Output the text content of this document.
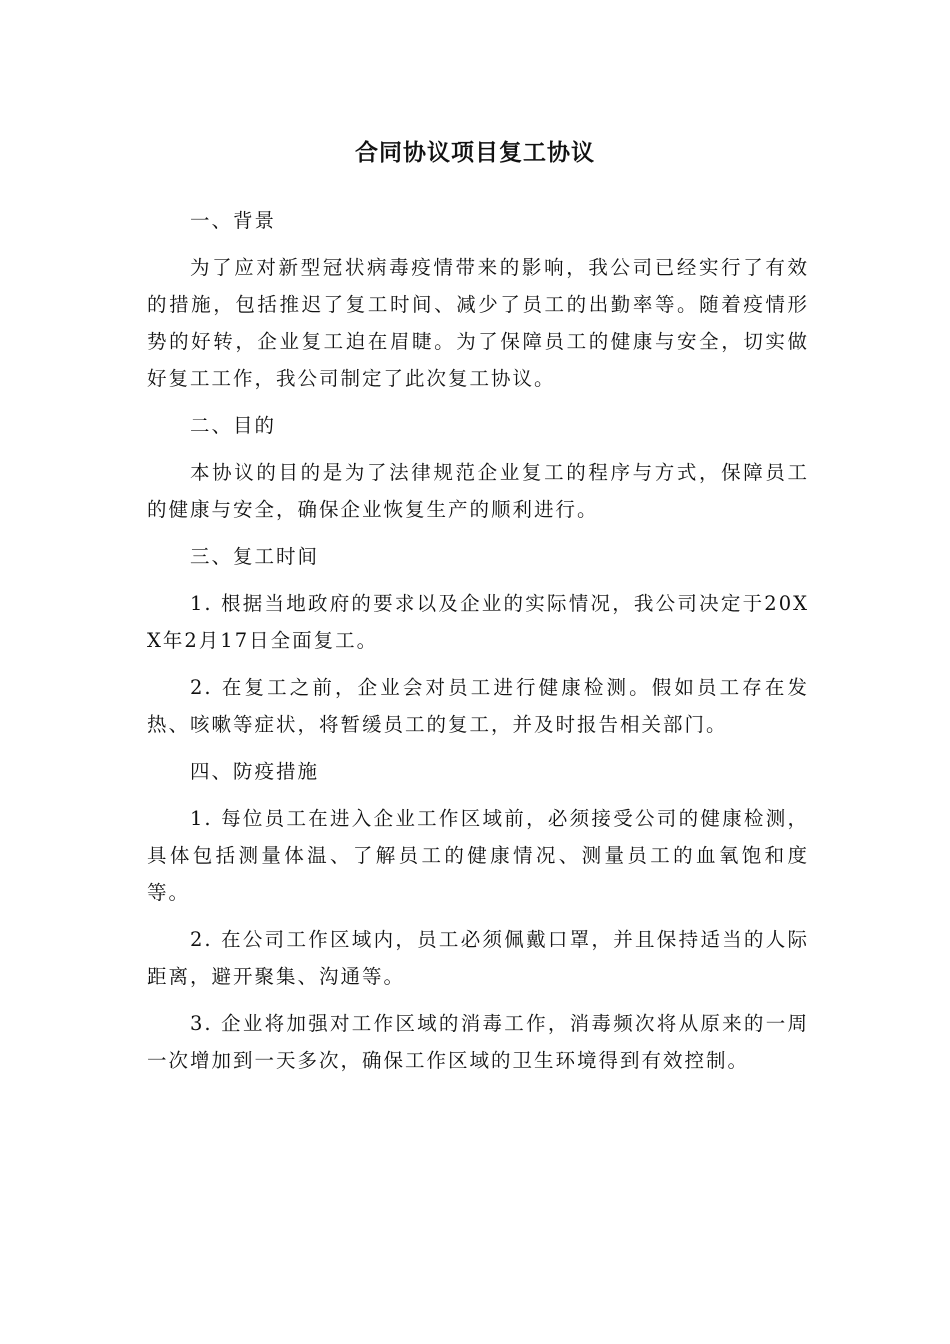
合同协议项目复工协议

一、背景

为了应对新型冠状病毒疫情带来的影响，我公司已经实行了有效的措施，包括推迟了复工时间、减少了员工的出勤率等。随着疫情形势的好转，企业复工迫在眉睫。为了保障员工的健康与安全，切实做好复工工作，我公司制定了此次复工协议。

二、目的

本协议的目的是为了法律规范企业复工的程序与方式，保障员工的健康与安全，确保企业恢复生产的顺利进行。

三、复工时间

1. 根据当地政府的要求以及企业的实际情况，我公司决定于20XX年2月17日全面复工。

2. 在复工之前，企业会对员工进行健康检测。假如员工存在发热、咳嗽等症状，将暂缓员工的复工，并及时报告相关部门。

四、防疫措施

1. 每位员工在进入企业工作区域前，必须接受公司的健康检测，具体包括测量体温、了解员工的健康情况、测量员工的血氧饱和度等。

2. 在公司工作区域内，员工必须佩戴口罩，并且保持适当的人际距离，避开聚集、沟通等。

3. 企业将加强对工作区域的消毒工作，消毒频次将从原来的一周一次增加到一天多次，确保工作区域的卫生环境得到有效控制。
